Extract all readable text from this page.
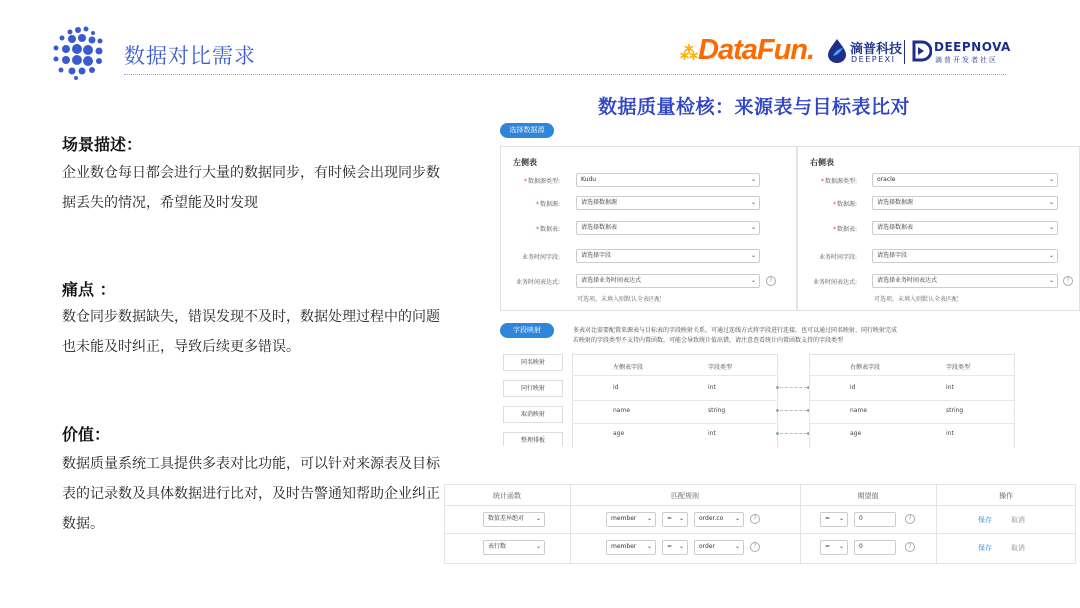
数据对比需求	⁂DataFun.	滴普科技
DEEPEXI
DEEPNOVA
滴普开发者社区
数据质量检核：来源表与目标表比对
场景描述：
企业数仓每日都会进行大量的数据同步，有时候会出现同步数据丢失的情况，希望能及时发现
痛点 ：
数仓同步数据缺失，错误发现不及时，数据处理过程中的问题也未能及时纠正，导致后续更多错误。
价值：
数据质量系统工具提供多表对比功能，可以针对来源表及目标表的记录数及具体数据进行比对，及时告警通知帮助企业纠正数据。
选择数据源
左侧表	右侧表
*数据源类型:	Kudu	⌄
*数据源:	请选择数据源	⌄
*数据表:	请选择数据表	⌄
业务时间字段:	请选择字段	⌄
业务时间表达式:	请选择业务时间表达式	⌄	?
可选项，未填入则默认全表匹配
*数据源类型:	oracle	⌄
*数据源:	请选择数据源	⌄
*数据表:	请选择数据表	⌄
业务时间字段:	请选择字段	⌄
业务时间表达式:	请选择业务时间表达式	⌄	?
可选项，未填入则默认全表匹配
字段映射	多表对比需要配置来源表与目标表的字段映射关系，可通过连线方式将字段进行连接，也可以通过同名映射、同行映射完成
若映射的字段类型不支持内置函数，可能会导致统计值出错，请注意查看统计内置函数支持的字段类型
同名映射
同行映射
取消映射
整理排板
左侧表字段	字段类型
id	int
name	string
age	int
右侧表字段	字段类型
id	int
name	string
age	int
统计函数	匹配规则	期望值	操作
数值差异绝对 ⌄	member ⌄	= ⌄	order.co ⌄	?	= ⌄	0	?	保存	取消
表行数	⌄	member ⌄	= ⌄	order	⌄	?	= ⌄	0	?	保存	取消
